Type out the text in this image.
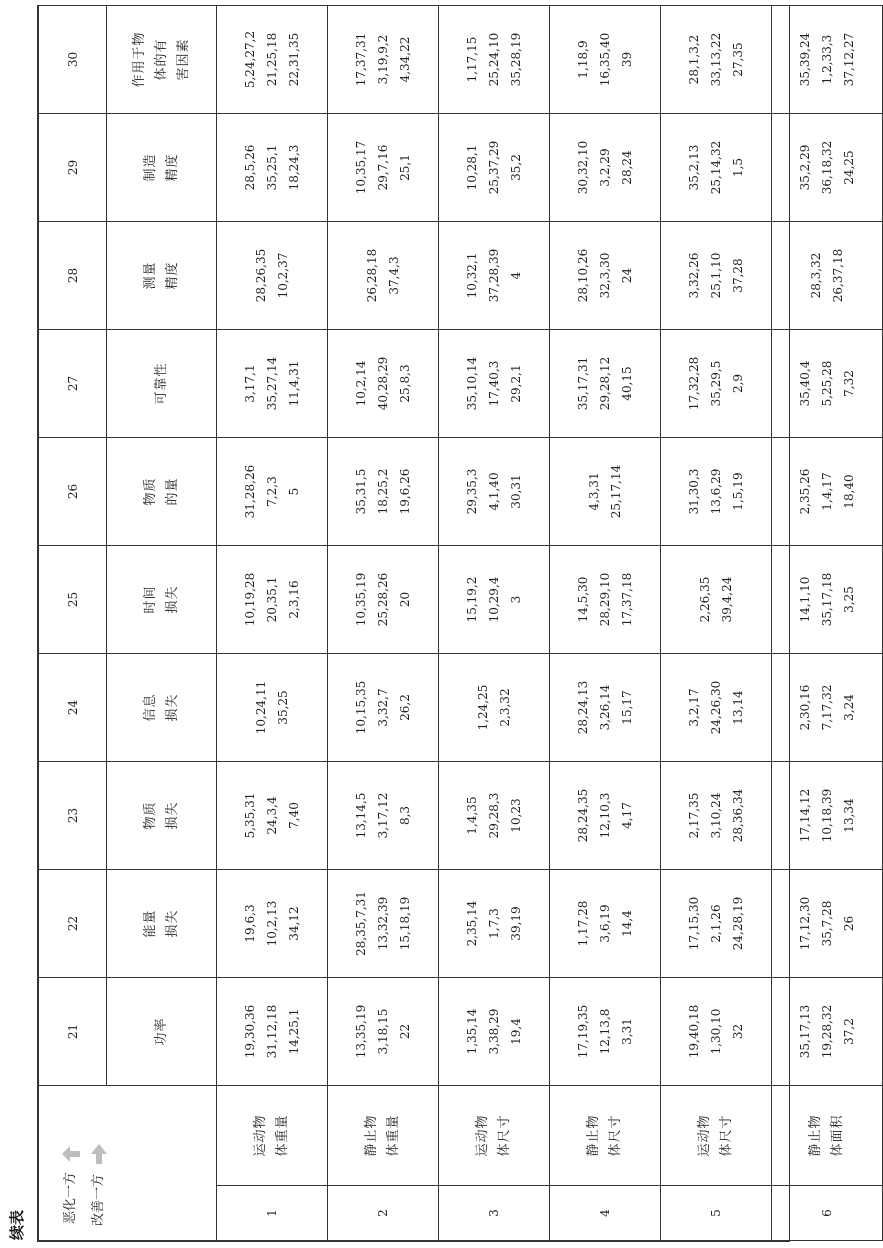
续表
恶化一方 改善一方		21	22	23	24	25	26	27	28	29	30

		功率	能量 损失	物质 损失	信息 损失	时间 损失	物质 的量	可靠性	测量 精度	制造 精度	作用于物 体的有 害因素

1	运动物 体重量	19,30,36 31,12,18 14,25,1	19,6,3 10,2,13 34,12	5,35,31 24,3,4 7,40	10,24,11 35,25	10,19,28 20,35,1 2,3,16	31,28,26 7,2,3 5	3,17,1 35,27,14 11,4,31	28,26,35 10,2,37	28,5,26 35,25,1 18,24,3	5,24,27,2 21,25,18 22,31,35

2	静止物 体重量	13,35,19 3,18,15 22	28,35,7,31 13,32,39 15,18,19	13,14,5 3,17,12 8,3	10,15,35 3,32,7 26,2	10,35,19 25,28,26 20	35,31,5 18,25,2 19,6,26	10,2,14 40,28,29 25,8,3	26,28,18 37,4,3	10,35,17 29,7,16 25,1	17,37,31 3,19,9,2 4,34,22

3	运动物 体尺寸	1,35,14 3,38,29 19,4	2,35,14 1,7,3 39,19	1,4,35 29,28,3 10,23	1,24,25 2,3,32	15,19,2 10,29,4 3	29,35,3 4,1,40 30,31	35,10,14 17,40,3 29,2,1	10,32,1 37,28,39 4	10,28,1 25,37,29 35,2	1,17,15 25,24,10 35,28,19

4	静止物 体尺寸	17,19,35 12,13,8 3,31	1,17,28 3,6,19 14,4	28,24,35 12,10,3 4,17	28,24,13 3,26,14 15,17	14,5,30 28,29,10 17,37,18	4,3,31 25,17,14	35,17,31 29,28,12 40,15	28,10,26 32,3,30 24	30,32,10 3,2,29 28,24	1,18,9 16,35,40 39

5	运动物 体尺寸	19,40,18 1,30,10 32	17,15,30 2,1,26 24,28,19	2,17,35 3,10,24 28,36,34	3,2,17 24,26,30 13,14	2,26,35 39,4,24	31,30,3 13,6,29 1,5,19	17,32,28 35,29,5 2,9	3,32,26 25,1,10 37,28	35,2,13 25,14,32 1,5	28,1,3,2 33,13,22 27,35

6	静止物 体面积	35,17,13 19,28,32 37,2	17,12,30 35,7,28 26	17,14,12 10,18,39 13,34	2,30,16 7,17,32 3,24	14,1,10 35,17,18 3,25	2,35,26 1,4,17 18,40	35,40,4 5,25,28 7,32	28,3,32 26,37,18	35,2,29 36,18,32 24,25	35,39,24 1,2,33,3 37,12,27
